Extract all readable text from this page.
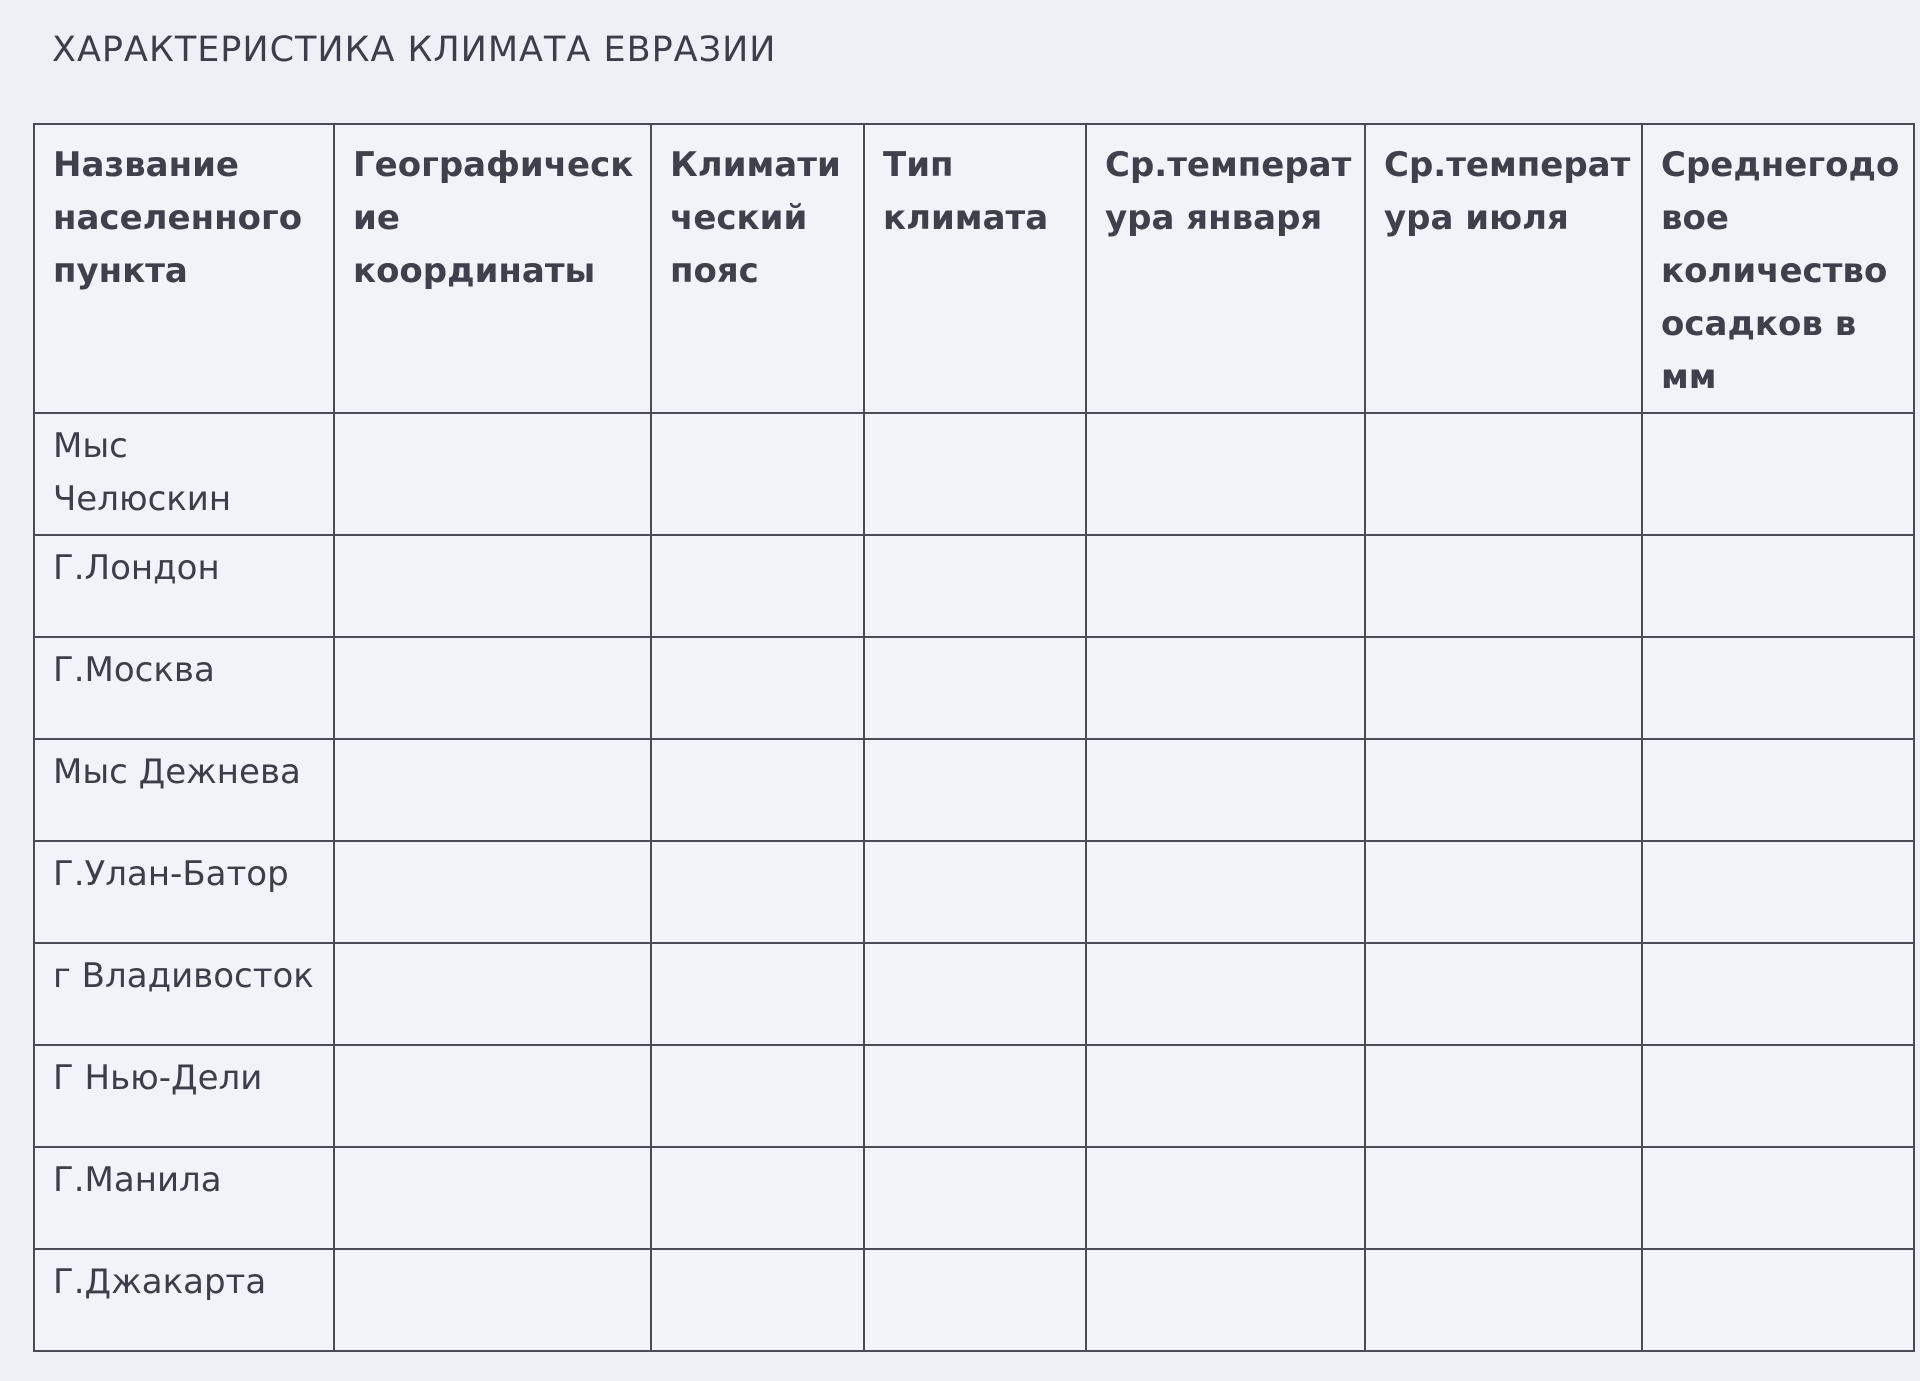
ХАРАКТЕРИСТИКА КЛИМАТА ЕВРАЗИИ
Название населенного пункта	Географическ ие координаты	Климати ческий пояс	Тип климата	Ср.температ ура января	Ср.температ ура июля	Среднегодо вое количество осадков в мм
Мыс Челюскин						
Г.Лондон						
Г.Москва						
Мыс Дежнева						
Г.Улан-Батор						
г Владивосток						
Г Нью-Дели						
Г.Манила						
Г.Джакарта						
